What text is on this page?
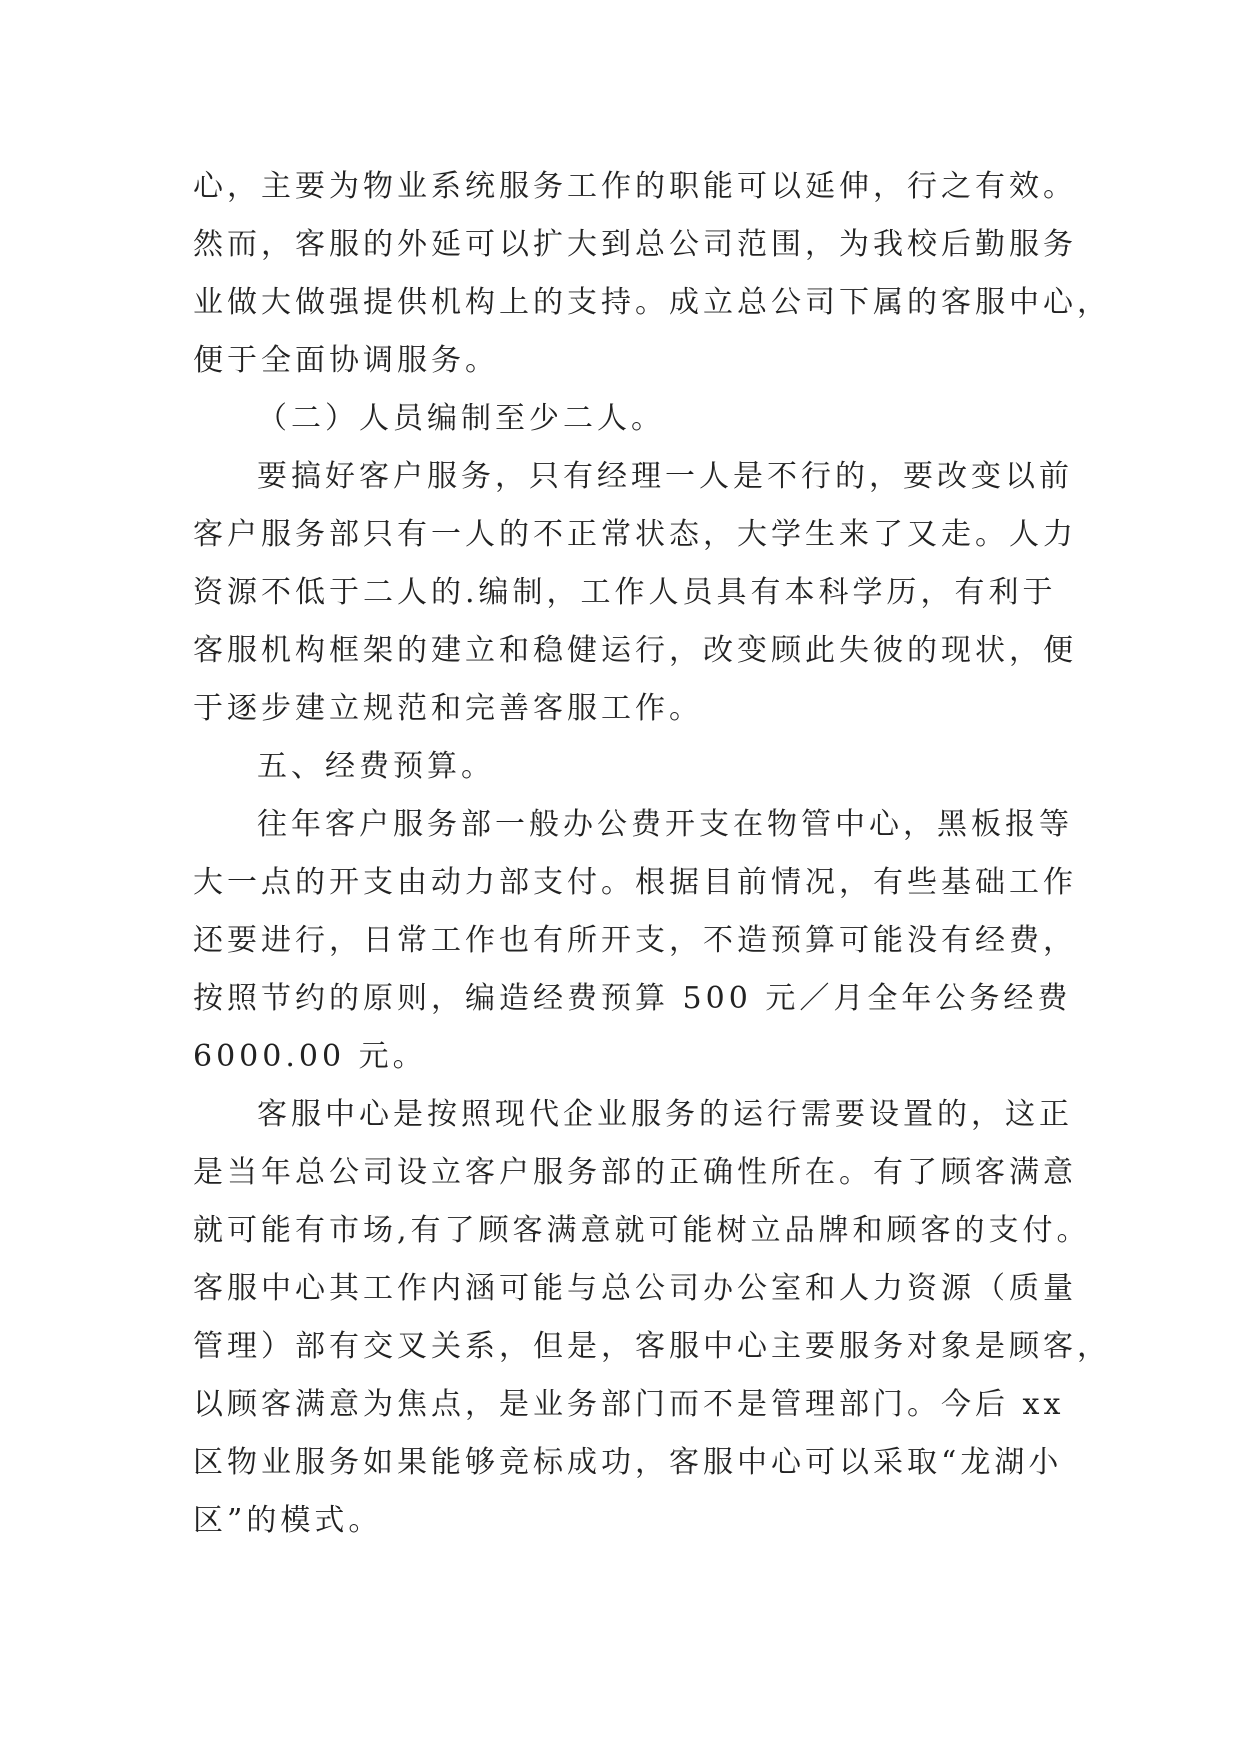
心，主要为物业系统服务工作的职能可以延伸，行之有效。
然而，客服的外延可以扩大到总公司范围，为我校后勤服务
业做大做强提供机构上的支持。成立总公司下属的客服中心，
便于全面协调服务。
（二）人员编制至少二人。
要搞好客户服务，只有经理一人是不行的，要改变以前
客户服务部只有一人的不正常状态，大学生来了又走。人力
资源不低于二人的.编制，工作人员具有本科学历，有利于
客服机构框架的建立和稳健运行，改变顾此失彼的现状，便
于逐步建立规范和完善客服工作。
五、经费预算。
往年客户服务部一般办公费开支在物管中心，黑板报等
大一点的开支由动力部支付。根据目前情况，有些基础工作
还要进行，日常工作也有所开支，不造预算可能没有经费，
按照节约的原则，编造经费预算 500 元／月全年公务经费
6000.00 元。
客服中心是按照现代企业服务的运行需要设置的，这正
是当年总公司设立客户服务部的正确性所在。有了顾客满意
就可能有市场,有了顾客满意就可能树立品牌和顾客的支付。
客服中心其工作内涵可能与总公司办公室和人力资源（质量
管理）部有交叉关系，但是，客服中心主要服务对象是顾客，
以顾客满意为焦点，是业务部门而不是管理部门。今后 xx
区物业服务如果能够竞标成功，客服中心可以采取“龙湖小
区”的模式。
